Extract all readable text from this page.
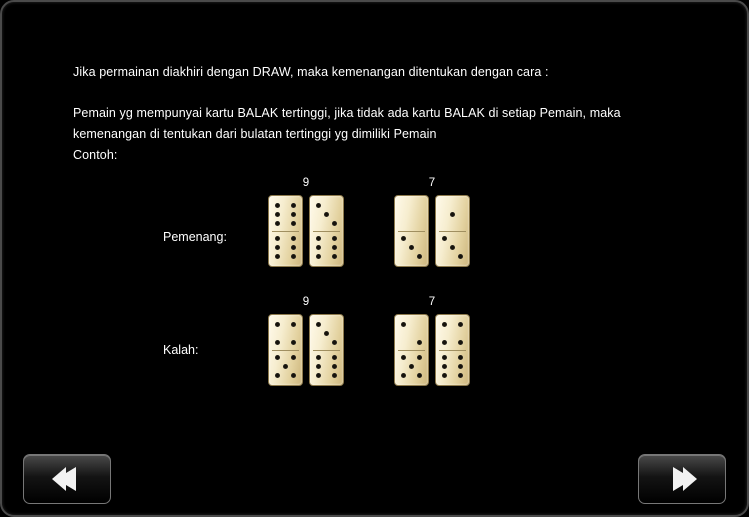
Jika permainan diakhiri dengan DRAW, maka kemenangan ditentukan dengan cara :
Pemain yg mempunyai kartu BALAK tertinggi, jika tidak ada kartu BALAK di setiap Pemain, maka kemenangan di tentukan dari bulatan tertinggi yg dimiliki Pemain
Contoh:
Pemenang:
Kalah:
9	7
9	7
